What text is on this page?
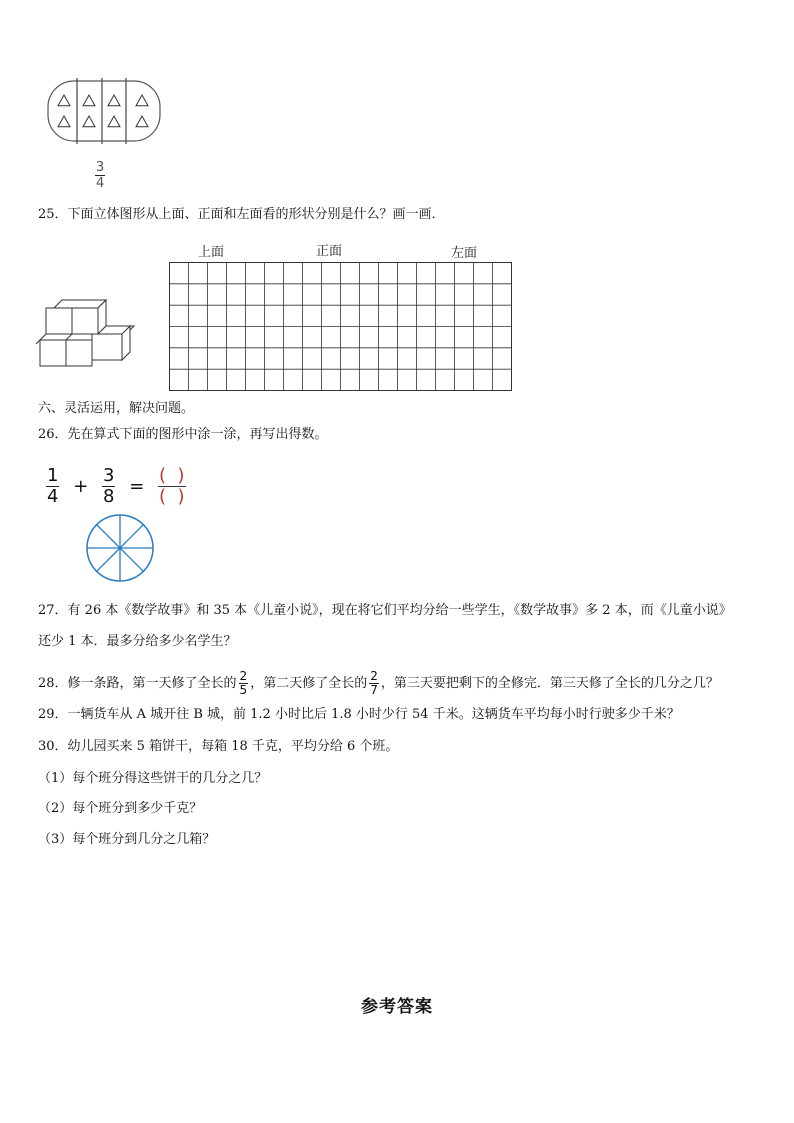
$\frac{3}{4}$
25．下面立体图形从上面、正面和左面看的形状分别是什么？画一画．
上面	正面	左面
六、灵活运用，解决问题。
26．先在算式下面的图形中涂一涂，再写出得数。
$\frac{1}{4} + \frac{3}{8} = \frac{( )}{( )}$
27．有 26 本《数学故事》和 35 本《儿童小说》，现在将它们平均分给一些学生，《数学故事》多 2 本，而《儿童小说》
还少 1 本．最多分给多少名学生？
28．修一条路，第一天修了全长的 $\frac{2}{5}$ ，第二天修了全长的 $\frac{2}{7}$ ，第三天要把剩下的全修完．第三天修了全长的几分之几？
29．一辆货车从 A 城开往 B 城，前 1.2 小时比后 1.8 小时少行 54 千米。这辆货车平均每小时行驶多少千米？
30．幼儿园买来 5 箱饼干，每箱 18 千克，平均分给 6 个班。
（1）每个班分得这些饼干的几分之几？
（2）每个班分到多少千克？
（3）每个班分到几分之几箱？
参考答案
